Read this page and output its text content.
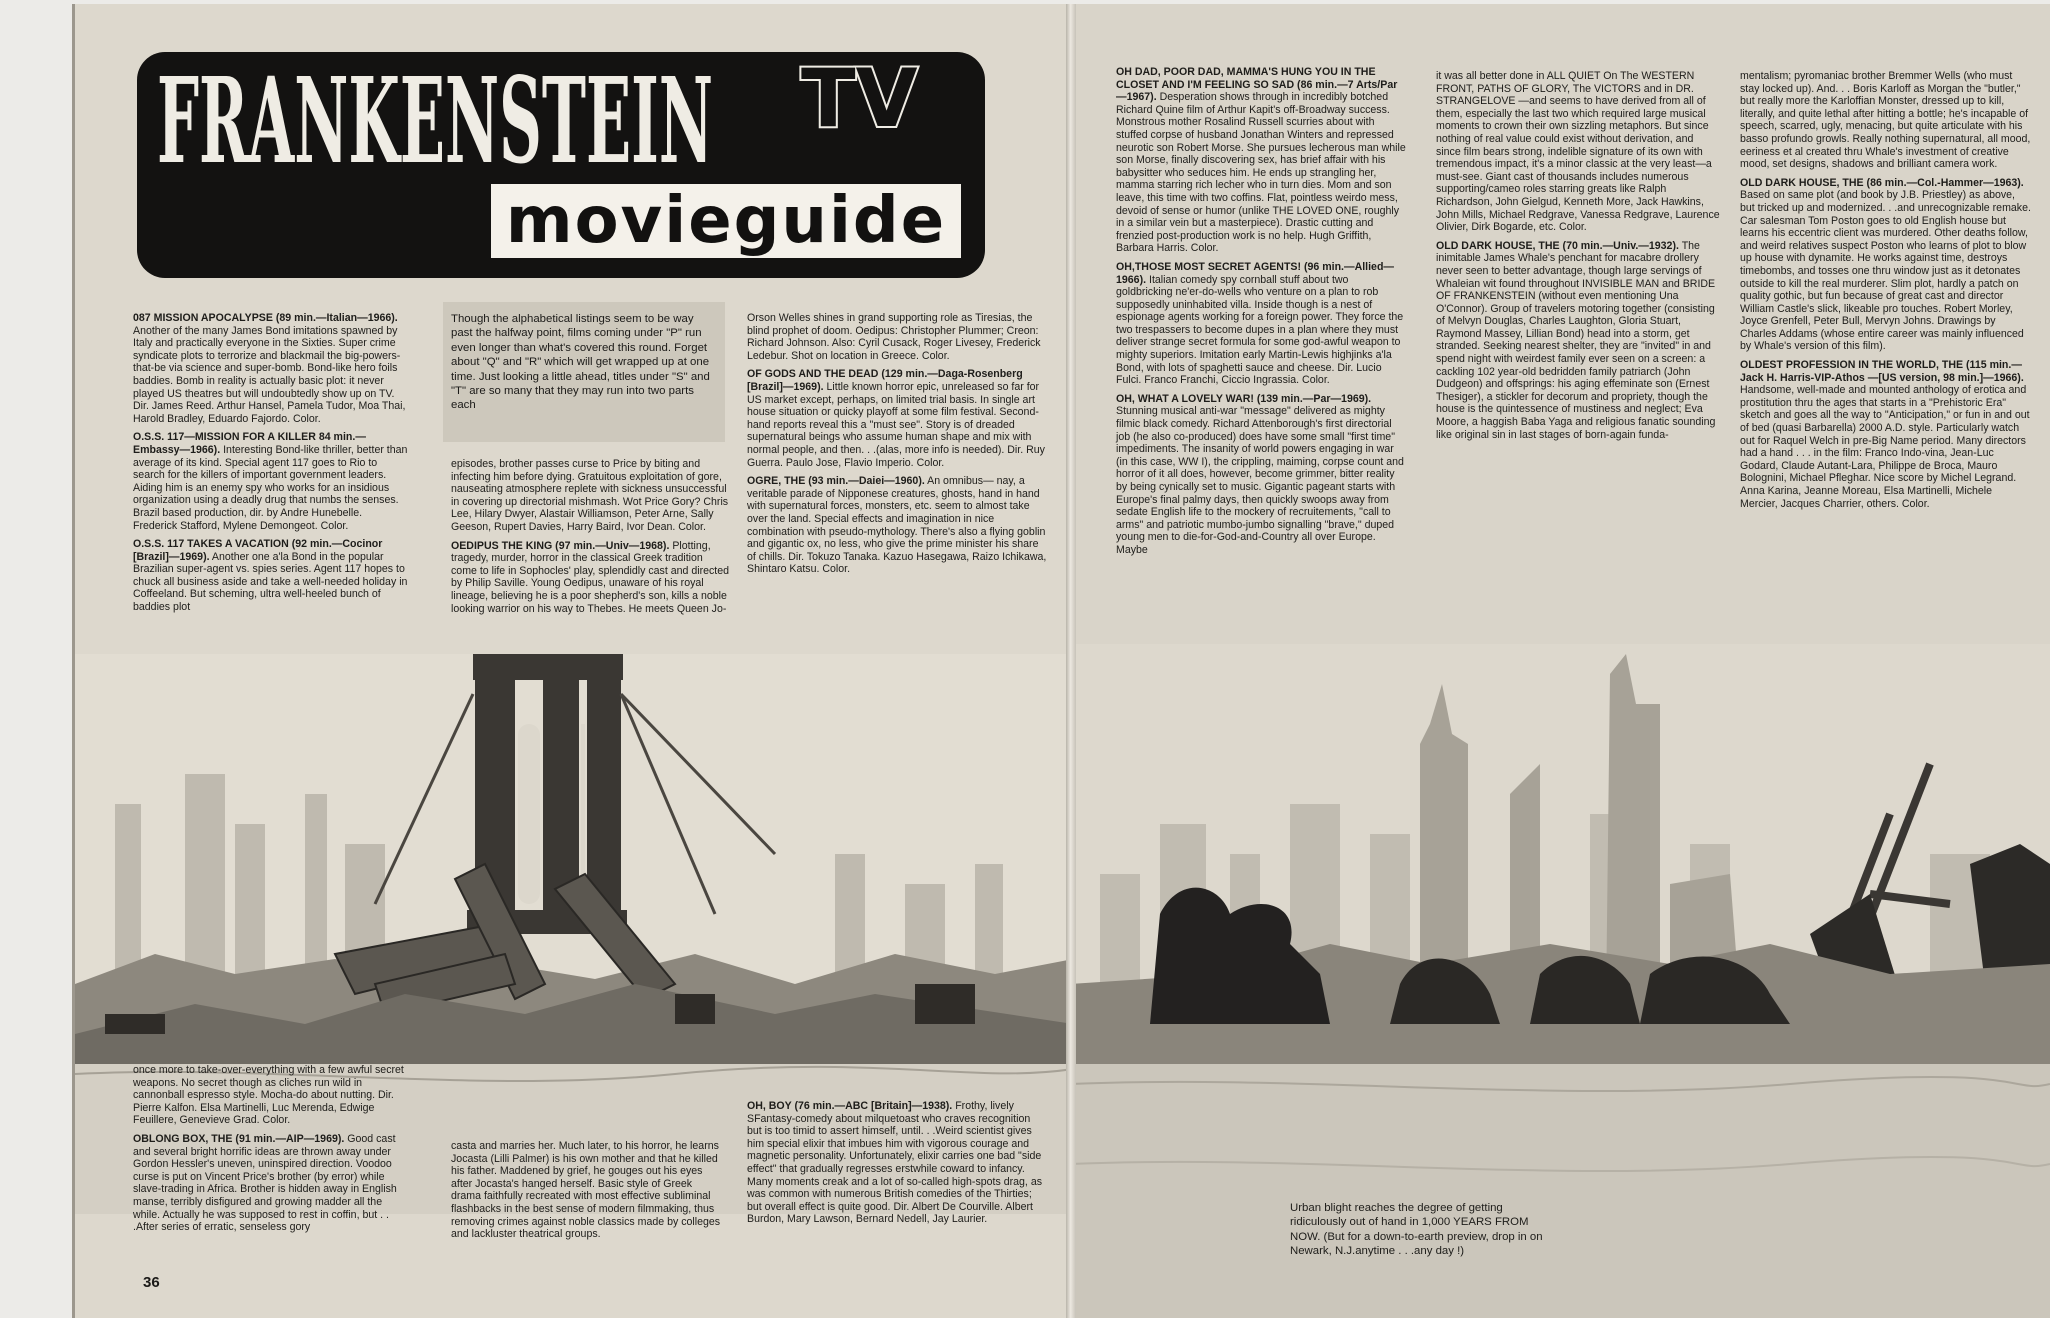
FRANKENSTEIN TV
movieguide
Though the alphabetical listings seem to be way past the halfway point, films coming under "P" run even longer than what's covered this round. Forget about "Q" and "R" which will get wrapped up at one time. Just looking a little ahead, titles under "S" and "T" are so many that they may run into two parts each

087 MISSION APOCALYPSE (89 min.—Italian—1966). Another of the many James Bond imitations spawned by Italy and practically everyone in the Sixties. Super crime syndicate plots to terrorize and blackmail the big-powers-that-be via science and super-bomb. Bond-like hero foils baddies. Bomb in reality is actually basic plot: it never played US theatres but will undoubtedly show up on TV. Dir. James Reed. Arthur Hansel, Pamela Tudor, Moa Thai, Harold Bradley, Eduardo Fajordo. Color.

O.S.S. 117—MISSION FOR A KILLER 84 min.—Embassy—1966). Interesting Bond-like thriller, better than average of its kind. Special agent 117 goes to Rio to search for the killers of important government leaders. Aiding him is an enemy spy who works for an insidious organization using a deadly drug that numbs the senses. Brazil based production, dir. by Andre Hunebelle. Frederick Stafford, Mylene Demongeot. Color.

O.S.S. 117 TAKES A VACATION (92 min.—Cocinor [Brazil]—1969). Another one a'la Bond in the popular Brazilian super-agent vs. spies series. Agent 117 hopes to chuck all business aside and take a well-needed holiday in Coffeeland. But scheming, ultra well-heeled bunch of baddies plot

episodes, brother passes curse to Price by biting and infecting him before dying. Gratuitous exploitation of gore, nauseating atmosphere replete with sickness unsuccessful in covering up directorial mishmash. Wot Price Gory? Chris Lee, Hilary Dwyer, Alastair Williamson, Peter Arne, Sally Geeson, Rupert Davies, Harry Baird, Ivor Dean. Color.

OEDIPUS THE KING (97 min.—Univ—1968). Plotting, tragedy, murder, horror in the classical Greek tradition come to life in Sophocles' play, splendidly cast and directed by Philip Saville. Young Oedipus, unaware of his royal lineage, believing he is a poor shepherd's son, kills a noble looking warrior on his way to Thebes. He meets Queen Jo-

Orson Welles shines in grand supporting role as Tiresias, the blind prophet of doom. Oedipus: Christopher Plummer; Creon: Richard Johnson. Also: Cyril Cusack, Roger Livesey, Frederick Ledebur. Shot on location in Greece. Color.

OF GODS AND THE DEAD (129 min.—Daga-Rosenberg [Brazil]—1969). Little known horror epic, unreleased so far for US market except, perhaps, on limited trial basis. In single art house situation or quicky playoff at some film festival. Second-hand reports reveal this a "must see". Story is of dreaded supernatural beings who assume human shape and mix with normal people, and then. . .(alas, more info is needed). Dir. Ruy Guerra. Paulo Jose, Flavio Imperio. Color.

OGRE, THE (93 min.—Daiei—1960). An omnibus— nay, a veritable parade of Nipponese creatures, ghosts, hand in hand with supernatural forces, monsters, etc. seem to almost take over the land. Special effects and imagination in nice combination with pseudo-mythology. There's also a flying goblin and gigantic ox, no less, who give the prime minister his share of chills. Dir. Tokuzo Tanaka. Kazuo Hasegawa, Raizo Ichikawa, Shintaro Katsu. Color.

once more to take-over-everything with a few awful secret weapons. No secret though as cliches run wild in cannonball espresso style. Mocha-do about nutting. Dir. Pierre Kalfon. Elsa Martinelli, Luc Merenda, Edwige Feuillere, Genevieve Grad. Color.

OBLONG BOX, THE (91 min.—AIP—1969). Good cast and several bright horrific ideas are thrown away under Gordon Hessler's uneven, uninspired direction. Voodoo curse is put on Vincent Price's brother (by error) while slave-trading in Africa. Brother is hidden away in English manse, terribly disfigured and growing madder all the while. Actually he was supposed to rest in coffin, but . . .After series of erratic, senseless gory

casta and marries her. Much later, to his horror, he learns Jocasta (Lilli Palmer) is his own mother and that he killed his father. Maddened by grief, he gouges out his eyes after Jocasta's hanged herself. Basic style of Greek drama faithfully recreated with most effective subliminal flashbacks in the best sense of modern filmmaking, thus removing crimes against noble classics made by colleges and lackluster theatrical groups.

OH, BOY (76 min.—ABC [Britain]—1938). Frothy, lively SFantasy-comedy about milquetoast who craves recognition but is too timid to assert himself, until. . .Weird scientist gives him special elixir that imbues him with vigorous courage and magnetic personality. Unfortunately, elixir carries one bad "side effect" that gradually regresses erstwhile coward to infancy. Many moments creak and a lot of so-called high-spots drag, as was common with numerous British comedies of the Thirties; but overall effect is quite good. Dir. Albert De Courville. Albert Burdon, Mary Lawson, Bernard Nedell, Jay Laurier.

36

OH DAD, POOR DAD, MAMMA'S HUNG YOU IN THE CLOSET AND I'M FEELING SO SAD (86 min.—7 Arts/Par—1967). Desperation shows through in incredibly botched Richard Quine film of Arthur Kapit's off-Broadway success. Monstrous mother Rosalind Russell scurries about with stuffed corpse of husband Jonathan Winters and repressed neurotic son Robert Morse. She pursues lecherous man while son Morse, finally discovering sex, has brief affair with his babysitter who seduces him. He ends up strangling her, mamma starring rich lecher who in turn dies. Mom and son leave, this time with two coffins. Flat, pointless weirdo mess, devoid of sense or humor (unlike THE LOVED ONE, roughly in a similar vein but a masterpiece). Drastic cutting and frenzied post-production work is no help. Hugh Griffith, Barbara Harris. Color.

OH,THOSE MOST SECRET AGENTS! (96 min.—Allied—1966). Italian comedy spy cornball stuff about two goldbricking ne'er-do-wells who venture on a plan to rob supposedly uninhabited villa. Inside though is a nest of espionage agents working for a foreign power. They force the two trespassers to become dupes in a plan where they must deliver strange secret formula for some god-awful weapon to mighty superiors. Imitation early Martin-Lewis highjinks a'la Bond, with lots of spaghetti sauce and cheese. Dir. Lucio Fulci. Franco Franchi, Ciccio Ingrassia. Color.

OH, WHAT A LOVELY WAR! (139 min.—Par—1969). Stunning musical anti-war "message" delivered as mighty filmic black comedy. Richard Attenborough's first directorial job (he also co-produced) does have some small "first time" impediments. The insanity of world powers engaging in war (in this case, WW I), the crippling, maiming, corpse count and horror of it all does, however, become grimmer, bitter reality by being cynically set to music. Gigantic pageant starts with Europe's final palmy days, then quickly swoops away from sedate English life to the mockery of recruitements, "call to arms" and patriotic mumbo-jumbo signalling "brave," duped young men to die-for-God-and-Country all over Europe. Maybe

it was all better done in ALL QUIET On The WESTERN FRONT, PATHS OF GLORY, The VICTORS and in DR. STRANGELOVE —and seems to have derived from all of them, especially the last two which required large musical moments to crown their own sizzling metaphors. But since nothing of real value could exist without derivation, and since film bears strong, indelible signature of its own with tremendous impact, it's a minor classic at the very least—a must-see. Giant cast of thousands includes numerous supporting/cameo roles starring greats like Ralph Richardson, John Gielgud, Kenneth More, Jack Hawkins, John Mills, Michael Redgrave, Vanessa Redgrave, Laurence Olivier, Dirk Bogarde, etc. Color.

OLD DARK HOUSE, THE (70 min.—Univ.—1932). The inimitable James Whale's penchant for macabre drollery never seen to better advantage, though large servings of Whaleian wit found throughout INVISIBLE MAN and BRIDE OF FRANKENSTEIN (without even mentioning Una O'Connor). Group of travelers motoring together (consisting of Melvyn Douglas, Charles Laughton, Gloria Stuart, Raymond Massey, Lillian Bond) head into a storm, get stranded. Seeking nearest shelter, they are "invited" in and spend night with weirdest family ever seen on a screen: a cackling 102 year-old bedridden family patriarch (John Dudgeon) and offsprings: his aging effeminate son (Ernest Thesiger), a stickler for decorum and propriety, though the house is the quintessence of mustiness and neglect; Eva Moore, a haggish Baba Yaga and religious fanatic sounding like original sin in last stages of born-again funda-

mentalism; pyromaniac brother Bremmer Wells (who must stay locked up). And. . . Boris Karloff as Morgan the "butler," but really more the Karloffian Monster, dressed up to kill, literally, and quite lethal after hitting a bottle; he's incapable of speech, scarred, ugly, menacing, but quite articulate with his basso profundo growls. Really nothing supernatural, all mood, eeriness et al created thru Whale's investment of creative mood, set designs, shadows and brilliant camera work.

OLD DARK HOUSE, THE (86 min.—Col.-Hammer—1963). Based on same plot (and book by J.B. Priestley) as above, but tricked up and modernized. . .and unrecognizable remake. Car salesman Tom Poston goes to old English house but learns his eccentric client was murdered. Other deaths follow, and weird relatives suspect Poston who learns of plot to blow up house with dynamite. He works against time, destroys timebombs, and tosses one thru window just as it detonates outside to kill the real murderer. Slim plot, hardly a patch on quality gothic, but fun because of great cast and director William Castle's slick, likeable pro touches. Robert Morley, Joyce Grenfell, Peter Bull, Mervyn Johns. Drawings by Charles Addams (whose entire career was mainly influenced by Whale's version of this film).

OLDEST PROFESSION IN THE WORLD, THE (115 min.—Jack H. Harris-VIP-Athos —[US version, 98 min.]—1966). Handsome, well-made and mounted anthology of erotica and prostitution thru the ages that starts in a "Prehistoric Era" sketch and goes all the way to "Anticipation," or fun in and out of bed (quasi Barbarella) 2000 A.D. style. Particularly watch out for Raquel Welch in pre-Big Name period. Many directors had a hand . . . in the film: Franco Indo-vina, Jean-Luc Godard, Claude Autant-Lara, Philippe de Broca, Mauro Bolognini, Michael Pfleghar. Nice score by Michel Legrand. Anna Karina, Jeanne Moreau, Elsa Martinelli, Michele Mercier, Jacques Charrier, others. Color.

Urban blight reaches the degree of getting ridiculously out of hand in 1,000 YEARS FROM NOW. (But for a down-to-earth preview, drop in on Newark, N.J.anytime . . .any day !)
